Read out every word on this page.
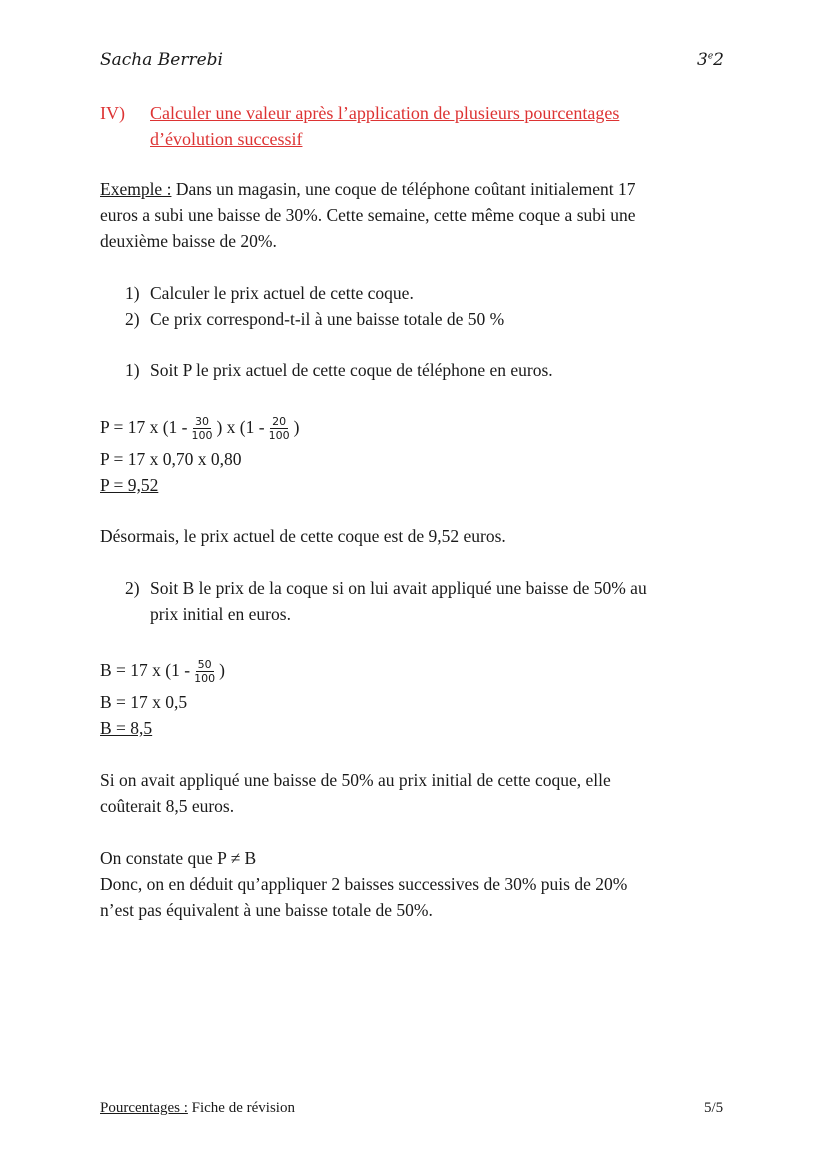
Sacha Berrebi	3e2
IV) Calculer une valeur après l’application de plusieurs pourcentages
d’évolution successif
Exemple : Dans un magasin, une coque de téléphone coûtant initialement 17
euros a subi une baisse de 30%. Cette semaine, cette même coque a subi une
deuxième baisse de 20%.
1) Calculer le prix actuel de cette coque.
2) Ce prix correspond-t-il à une baisse totale de 50 %
1) Soit P le prix actuel de cette coque de téléphone en euros.
P = 17 x ($1 - \frac{30}{100}$ ) x ($1 - \frac{20}{100}$ )
P = 17 x 0,70 x 0,80
P = 9,52
Désormais, le prix actuel de cette coque est de 9,52 euros.
2) Soit B le prix de la coque si on lui avait appliqué une baisse de 50% au
prix initial en euros.
B = 17 x ($1 - \frac{50}{100}$ )
B = 17 x 0,5
B = 8,5
Si on avait appliqué une baisse de 50% au prix initial de cette coque, elle
coûterait 8,5 euros.
On constate que P ≠ B
Donc, on en déduit qu’appliquer 2 baisses successives de 30% puis de 20%
n’est pas équivalent à une baisse totale de 50%.
Pourcentages : Fiche de révision	5/5
